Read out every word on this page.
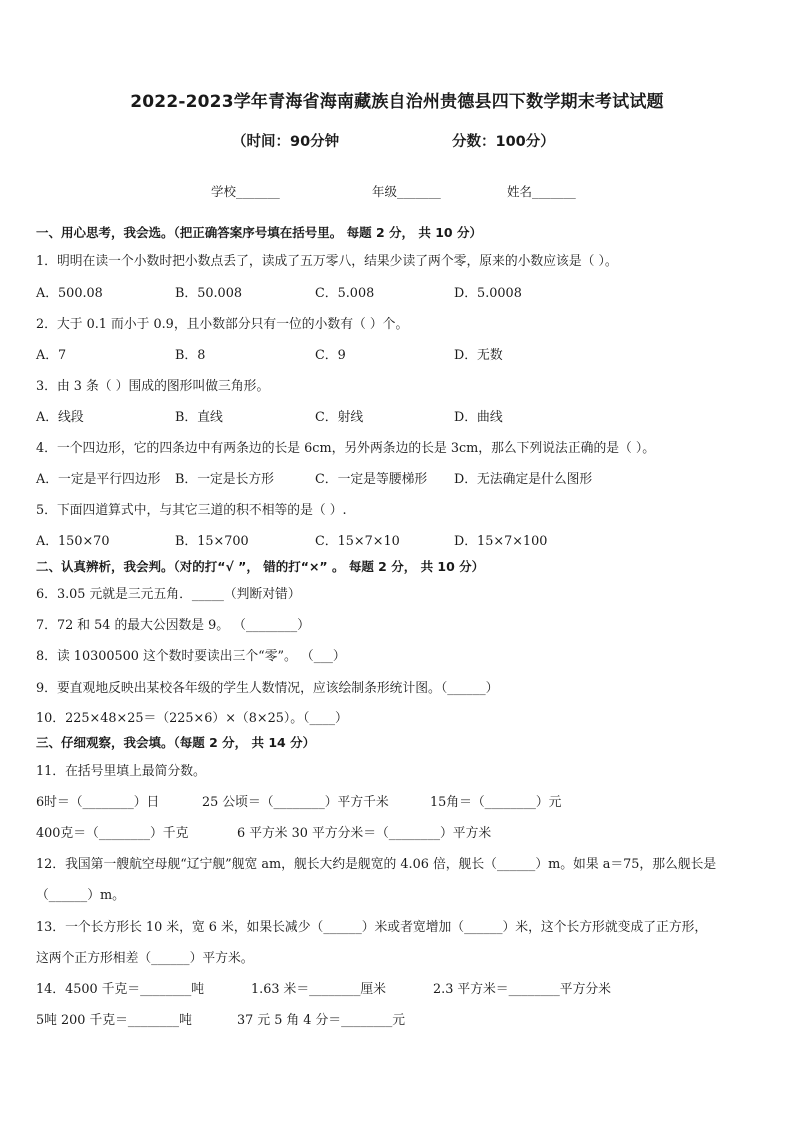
2022-2023学年青海省海南藏族自治州贵德县四下数学期末考试试题
（时间：90分钟	分数：100分）
学校_______	年级_______	姓名_______
一、用心思考，我会选。（把正确答案序号填在括号里。 每题 2 分， 共 10 分）
1．明明在读一个小数时把小数点丢了，读成了五万零八，结果少读了两个零，原来的小数应该是（ ）。
A．500.08	B．50.008	C．5.008	D．5.0008
2．大于 0.1 而小于 0.9，且小数部分只有一位的小数有（ ）个。
A．7	B．8	C．9	D．无数
3．由 3 条（ ）围成的图形叫做三角形。
A．线段	B．直线	C．射线	D．曲线
4．一个四边形，它的四条边中有两条边的长是 6cm，另外两条边的长是 3cm，那么下列说法正确的是（ ）。
A．一定是平行四边形 B．一定是长方形	C．一定是等腰梯形 D．无法确定是什么图形
5．下面四道算式中，与其它三道的积不相等的是（ ）.
A．150×70	B．15×700	C．15×7×10	D．15×7×100
二、认真辨析，我会判。（对的打“√ ”， 错的打“×” 。 每题 2 分， 共 10 分）
6．3.05 元就是三元五角．_____（判断对错）
7．72 和 54 的最大公因数是 9。 （________）
8．读 10300500 这个数时要读出三个“零”。 （___）
9．要直观地反映出某校各年级的学生人数情况，应该绘制条形统计图。（______）
10．225×48×25＝（225×6）×（8×25）。（____）
三、仔细观察，我会填。（每题 2 分， 共 14 分）
11．在括号里填上最简分数。
6时＝（________）日	25 公顷＝（________）平方千米	15角＝（________）元
400克＝（________）千克	6 平方米 30 平方分米＝（________）平方米
12．我国第一艘航空母舰“辽宁舰”舰宽 am，舰长大约是舰宽的 4.06 倍，舰长（______）m。如果 a＝75，那么舰长是
（______）m。
13．一个长方形长 10 米，宽 6 米，如果长减少（______）米或者宽增加（______）米，这个长方形就变成了正方形，
这两个正方形相差（______）平方米。
14．4500 千克＝________吨	1.63 米＝________厘米	2.3 平方米＝________平方分米
5吨 200 千克＝________吨	37 元 5 角 4 分＝________元
